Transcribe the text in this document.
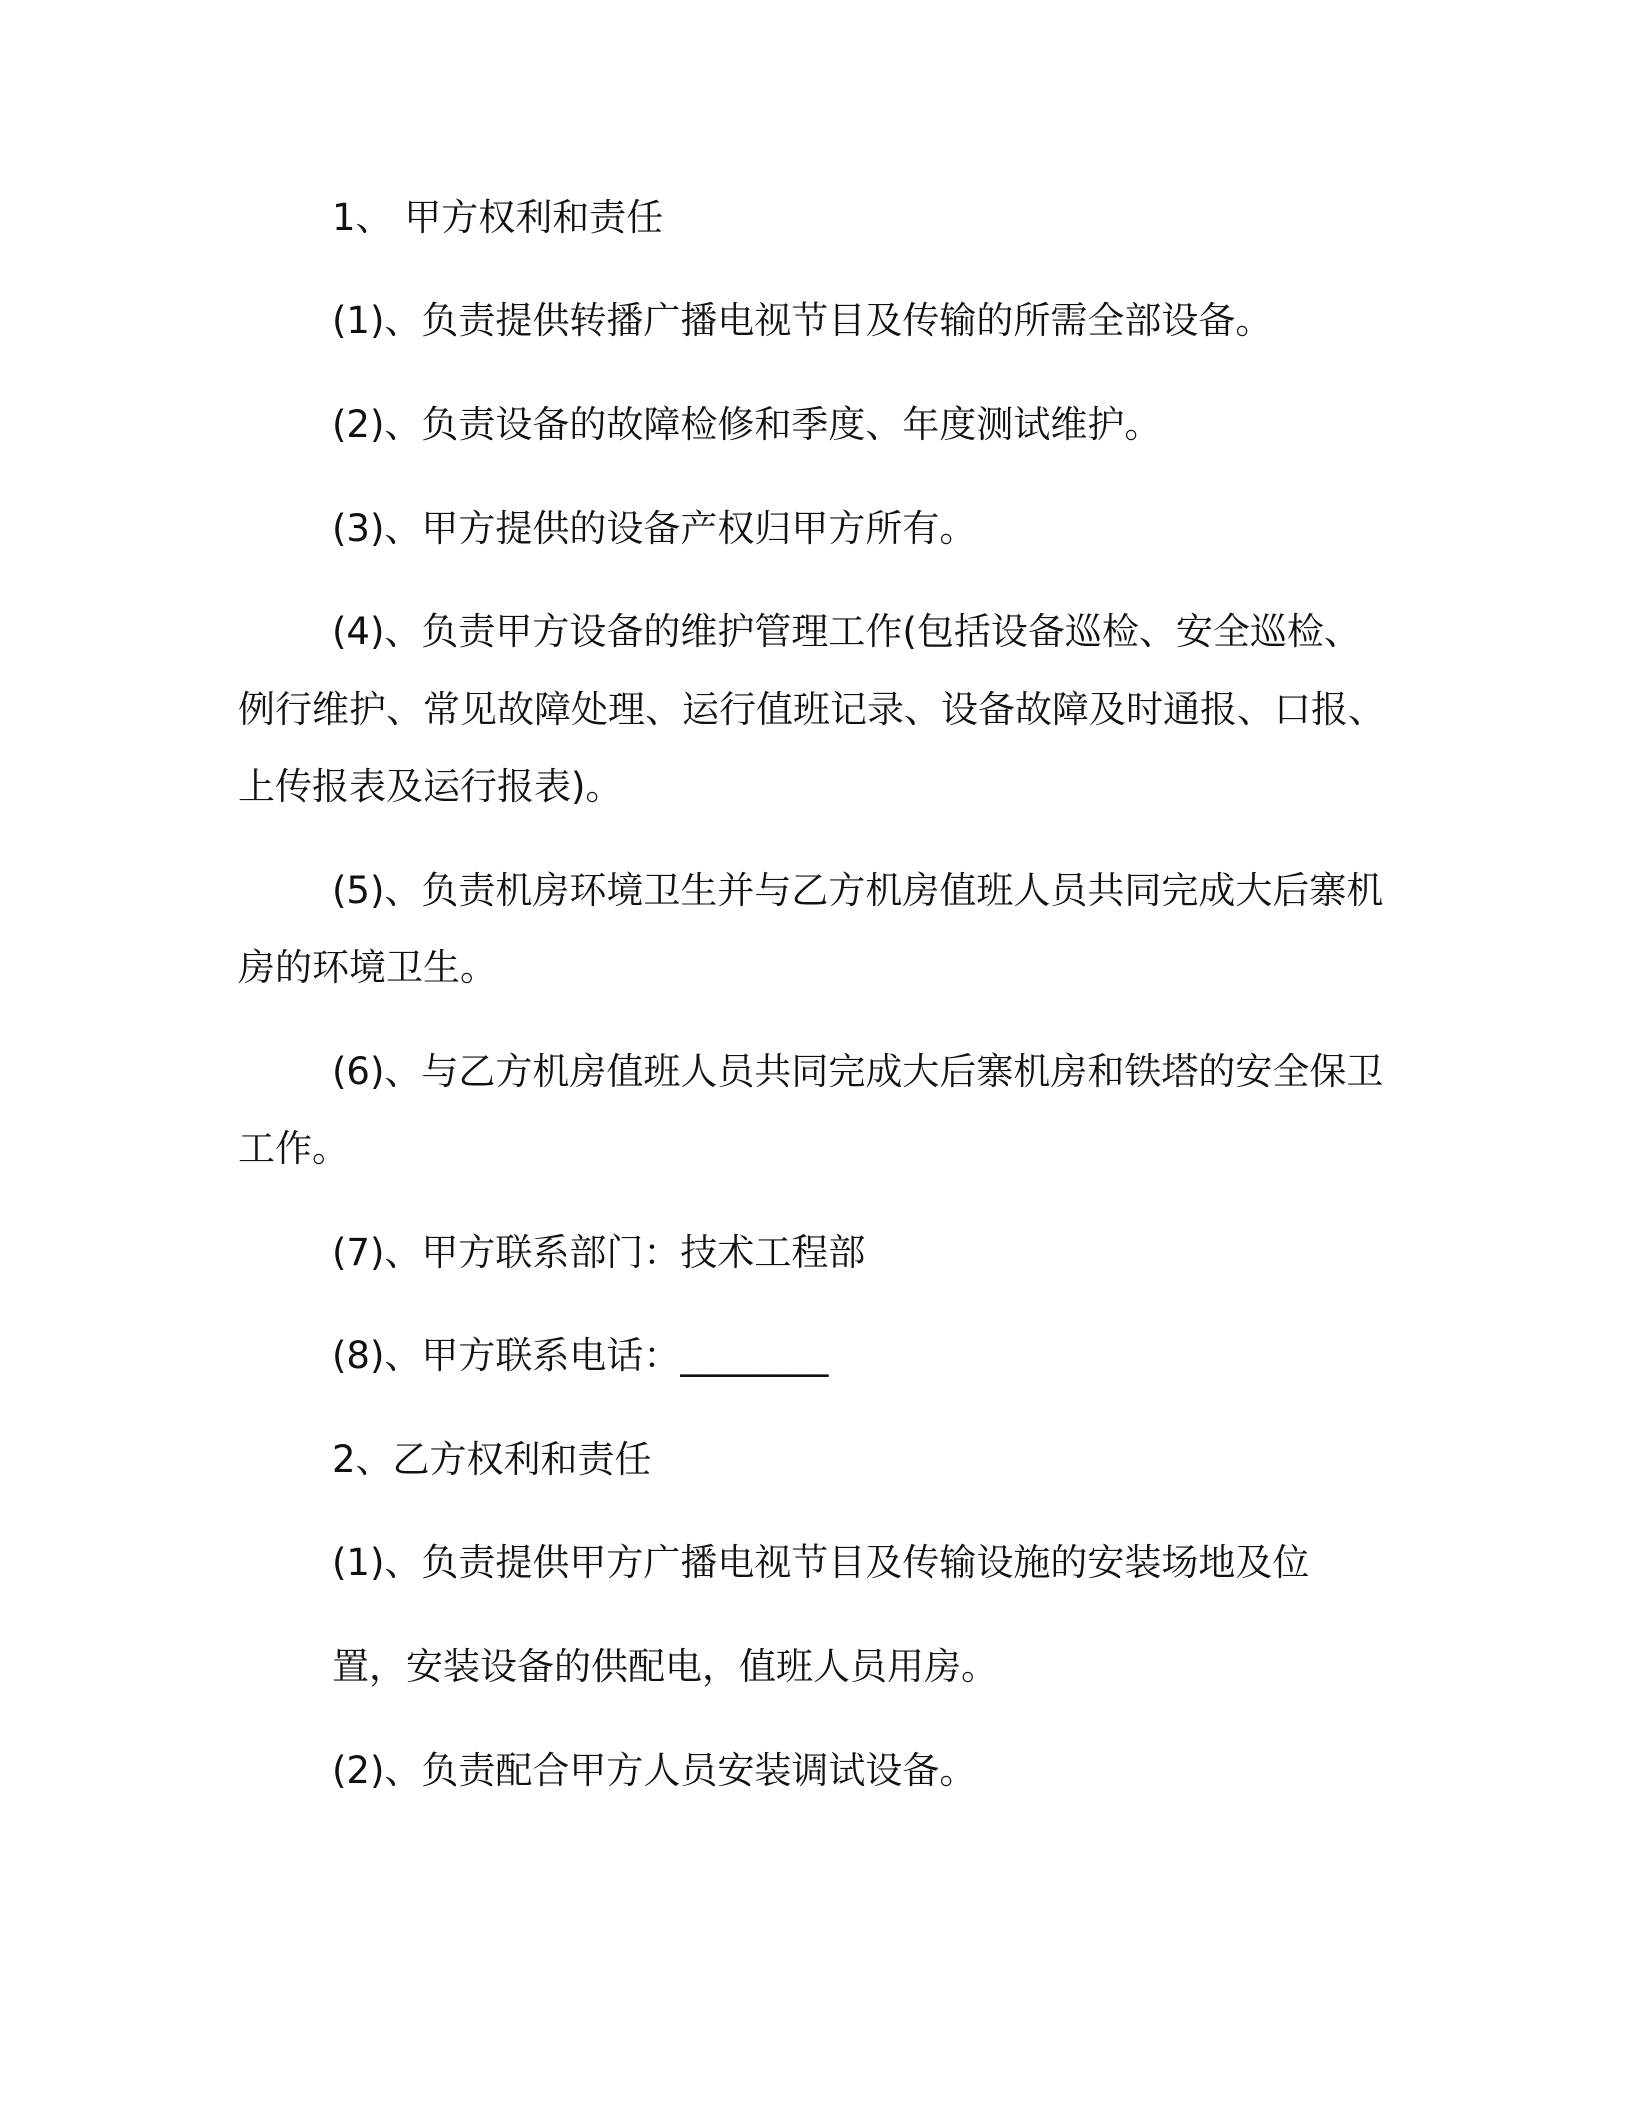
1、 甲方权利和责任
(1)、负责提供转播广播电视节目及传输的所需全部设备。
(2)、负责设备的故障检修和季度、年度测试维护。
(3)、甲方提供的设备产权归甲方所有。
(4)、负责甲方设备的维护管理工作(包括设备巡检、安全巡检、
例行维护、常见故障处理、运行值班记录、设备故障及时通报、口报、
上传报表及运行报表)。
(5)、负责机房环境卫生并与乙方机房值班人员共同完成大后寨机
房的环境卫生。
(6)、与乙方机房值班人员共同完成大后寨机房和铁塔的安全保卫
工作。
(7)、甲方联系部门：技术工程部
(8)、甲方联系电话：________
2、乙方权利和责任
(1)、负责提供甲方广播电视节目及传输设施的安装场地及位
置，安装设备的供配电，值班人员用房。
(2)、负责配合甲方人员安装调试设备。
